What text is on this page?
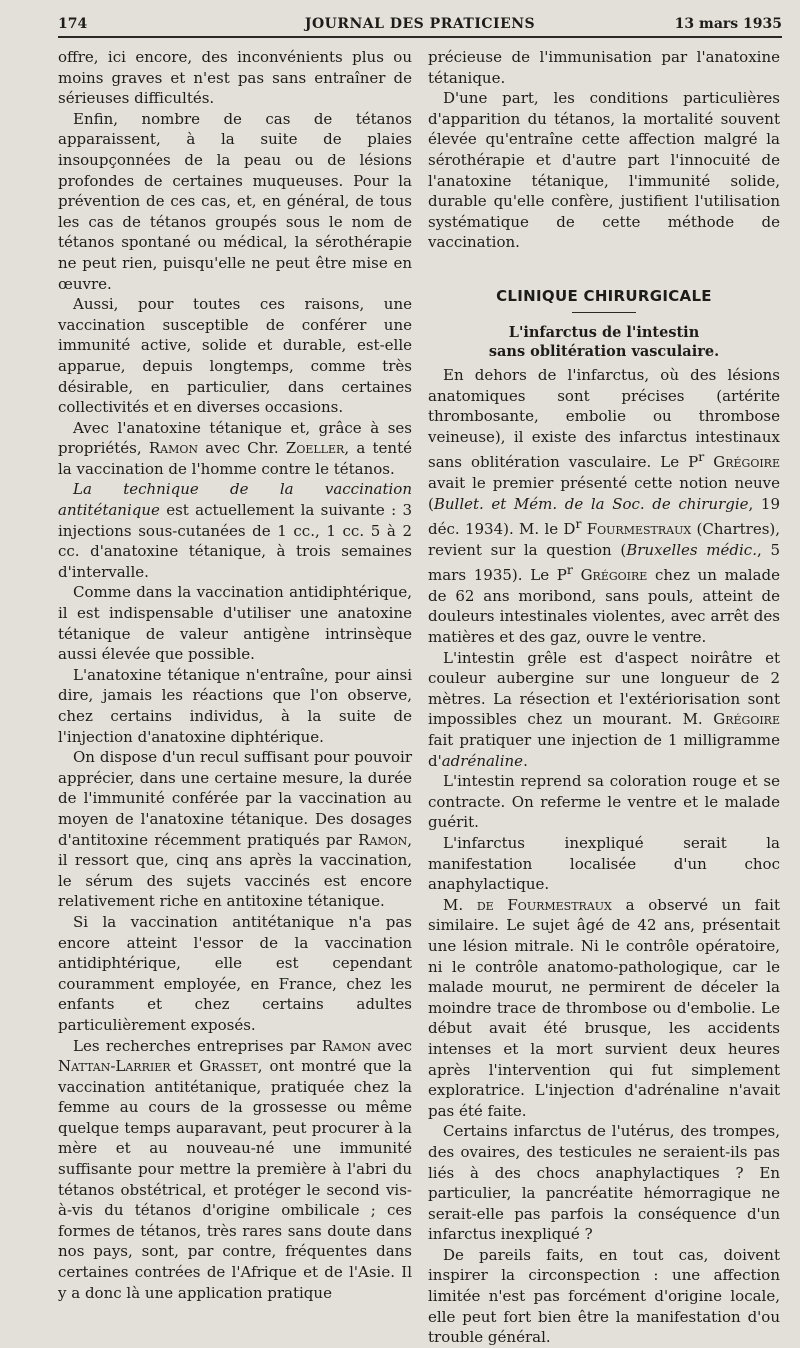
174	JOURNAL DES PRATICIENS	13 mars 1935

offre, ici encore, des inconvénients plus ou moins graves et n'est pas sans entraîner de sérieuses difficultés.

Enfin, nombre de cas de tétanos apparaissent, à la suite de plaies insoupçonnées de la peau ou de lésions profondes de certaines muqueuses. Pour la prévention de ces cas, et, en général, de tous les cas de tétanos groupés sous le nom de tétanos spontané ou médical, la sérothérapie ne peut rien, puisqu'elle ne peut être mise en œuvre.

Aussi, pour toutes ces raisons, une vaccination susceptible de conférer une immunité active, solide et durable, est-elle apparue, depuis longtemps, comme très désirable, en particulier, dans certaines collectivités et en diverses occasions.

Avec l'anatoxine tétanique et, grâce à ses propriétés, Ramon avec Chr. Zoeller, a tenté la vaccination de l'homme contre le tétanos.

La technique de la vaccination antitétanique est actuellement la suivante : 3 injections sous-cutanées de 1 cc., 1 cc. 5 à 2 cc. d'anatoxine tétanique, à trois semaines d'intervalle.

Comme dans la vaccination antidiphtérique, il est indispensable d'utiliser une anatoxine tétanique de valeur antigène intrinsèque aussi élevée que possible.

L'anatoxine tétanique n'entraîne, pour ainsi dire, jamais les réactions que l'on observe, chez certains individus, à la suite de l'injection d'anatoxine diphtérique.

On dispose d'un recul suffisant pour pouvoir apprécier, dans une certaine mesure, la durée de l'immunité conférée par la vaccination au moyen de l'anatoxine tétanique. Des dosages d'antitoxine récemment pratiqués par Ramon, il ressort que, cinq ans après la vaccination, le sérum des sujets vaccinés est encore relativement riche en antitoxine tétanique.

Si la vaccination antitétanique n'a pas encore atteint l'essor de la vaccination antidiphtérique, elle est cependant couramment employée, en France, chez les enfants et chez certains adultes particulièrement exposés.

Les recherches entreprises par Ramon avec Nattan-Larrier et Grasset, ont montré que la vaccination antitétanique, pratiquée chez la femme au cours de la grossesse ou même quelque temps auparavant, peut procurer à la mère et au nouveau-né une immunité suffisante pour mettre la première à l'abri du tétanos obstétrical, et protéger le second vis-à-vis du tétanos d'origine ombilicale ; ces formes de tétanos, très rares sans doute dans nos pays, sont, par contre, fréquentes dans certaines contrées de l'Afrique et de l'Asie. Il y a donc là une application pratique

précieuse de l'immunisation par l'anatoxine tétanique.

D'une part, les conditions particulières d'apparition du tétanos, la mortalité souvent élevée qu'entraîne cette affection malgré la sérothérapie et d'autre part l'innocuité de l'anatoxine tétanique, l'immunité solide, durable qu'elle confère, justifient l'utilisation systématique de cette méthode de vaccination.

CLINIQUE CHIRURGICALE
L'infarctus de l'intestin
sans oblitération vasculaire.

En dehors de l'infarctus, où des lésions anatomiques sont précises (artérite thrombosante, embolie ou thrombose veineuse), il existe des infarctus intestinaux sans oblitération vasculaire. Le $P^r$ Grégoire avait le premier présenté cette notion neuve (Bullet. et Mém. de la Soc. de chirurgie, 19 déc. 1934). M. le $D^r$ Fourmestraux (Chartres), revient sur la question (Bruxelles médic., 5 mars 1935). Le $P^r$ Grégoire chez un malade de 62 ans moribond, sans pouls, atteint de douleurs intestinales violentes, avec arrêt des matières et des gaz, ouvre le ventre.

L'intestin grêle est d'aspect noirâtre et couleur aubergine sur une longueur de 2 mètres. La résection et l'extériorisation sont impossibles chez un mourant. M. Grégoire fait pratiquer une injection de 1 milligramme d'adrénaline.

L'intestin reprend sa coloration rouge et se contracte. On referme le ventre et le malade guérit.

L'infarctus inexpliqué serait la manifestation localisée d'un choc anaphylactique.

M. de Fourmestraux a observé un fait similaire. Le sujet âgé de 42 ans, présentait une lésion mitrale. Ni le contrôle opératoire, ni le contrôle anatomo-pathologique, car le malade mourut, ne permirent de déceler la moindre trace de thrombose ou d'embolie. Le début avait été brusque, les accidents intenses et la mort survient deux heures après l'intervention qui fut simplement exploratrice. L'injection d'adrénaline n'avait pas été faite.

Certains infarctus de l'utérus, des trompes, des ovaires, des testicules ne seraient-ils pas liés à des chocs anaphylactiques ? En particulier, la pancréatite hémorragique ne serait-elle pas parfois la conséquence d'un infarctus inexpliqué ?

De pareils faits, en tout cas, doivent inspirer la circonspection : une affection limitée n'est pas forcément d'origine locale, elle peut fort bien être la manifestation d'ou trouble général.
